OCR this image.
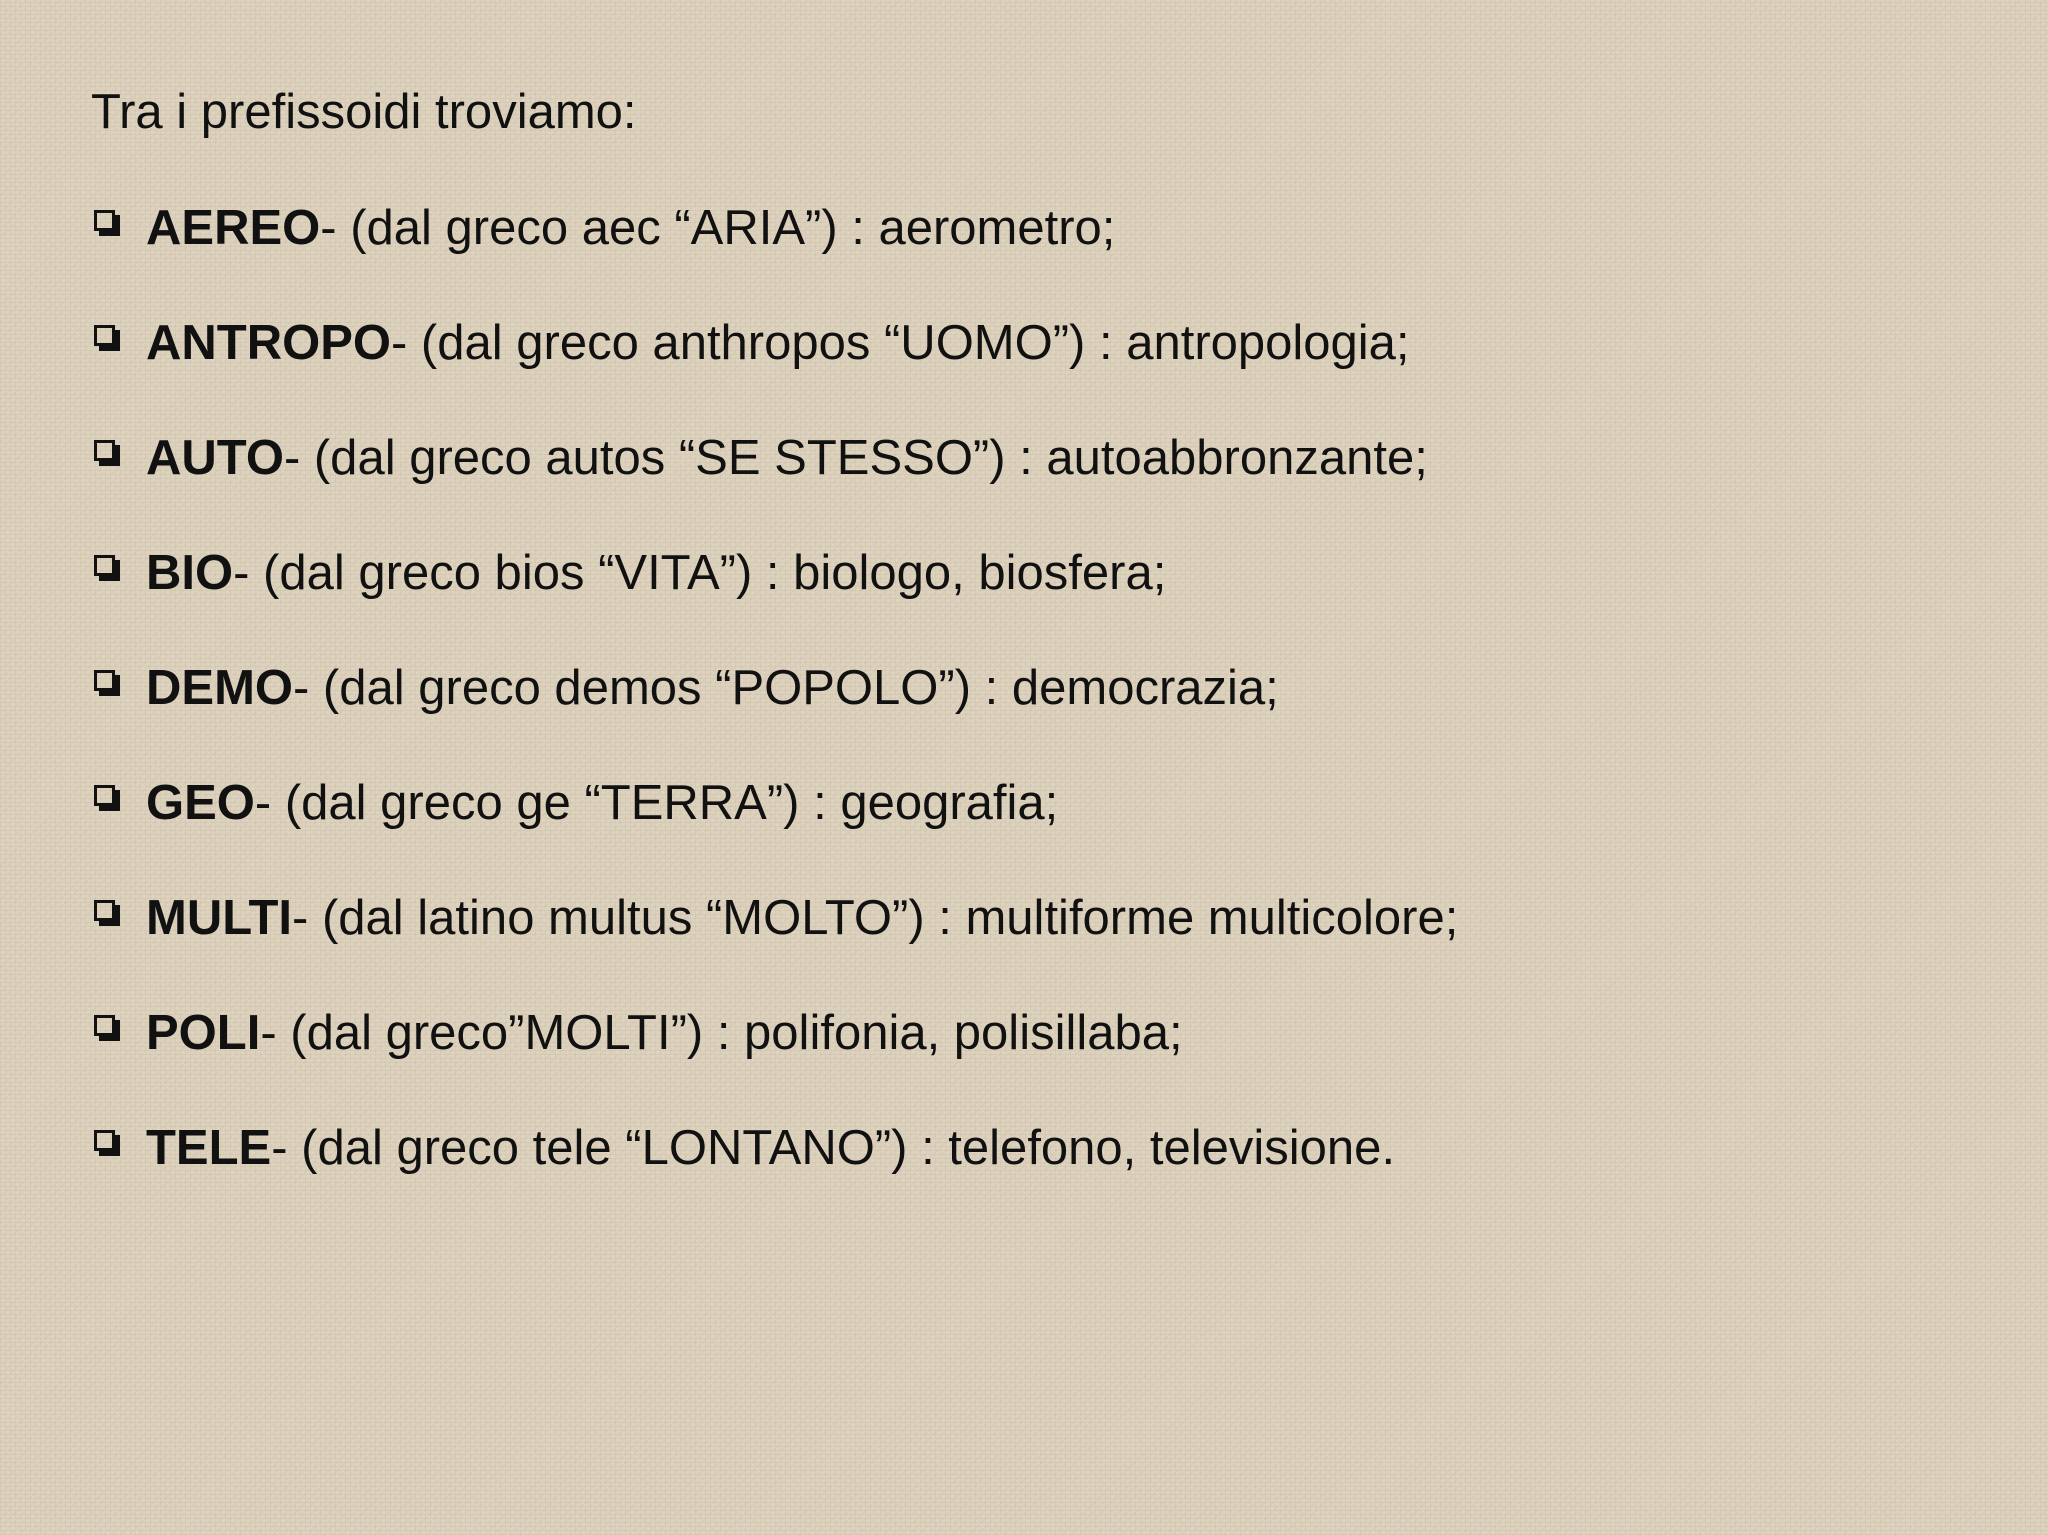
Tra i prefissoidi troviamo:
AEREO - (dal greco aec “ARIA”) : aerometro;
ANTROPO - (dal greco anthropos “UOMO”) : antropologia;
AUTO - (dal greco autos “SE STESSO”) : autoabbronzante;
BIO - (dal greco bios “VITA”) : biologo, biosfera;
DEMO - (dal greco demos “POPOLO”) : democrazia;
GEO - (dal greco ge “TERRA”) : geografia;
MULTI - (dal latino multus “MOLTO”) : multiforme multicolore;
POLI - (dal greco”MOLTI”) : polifonia, polisillaba;
TELE - (dal greco tele “LONTANO”) : telefono, televisione.
